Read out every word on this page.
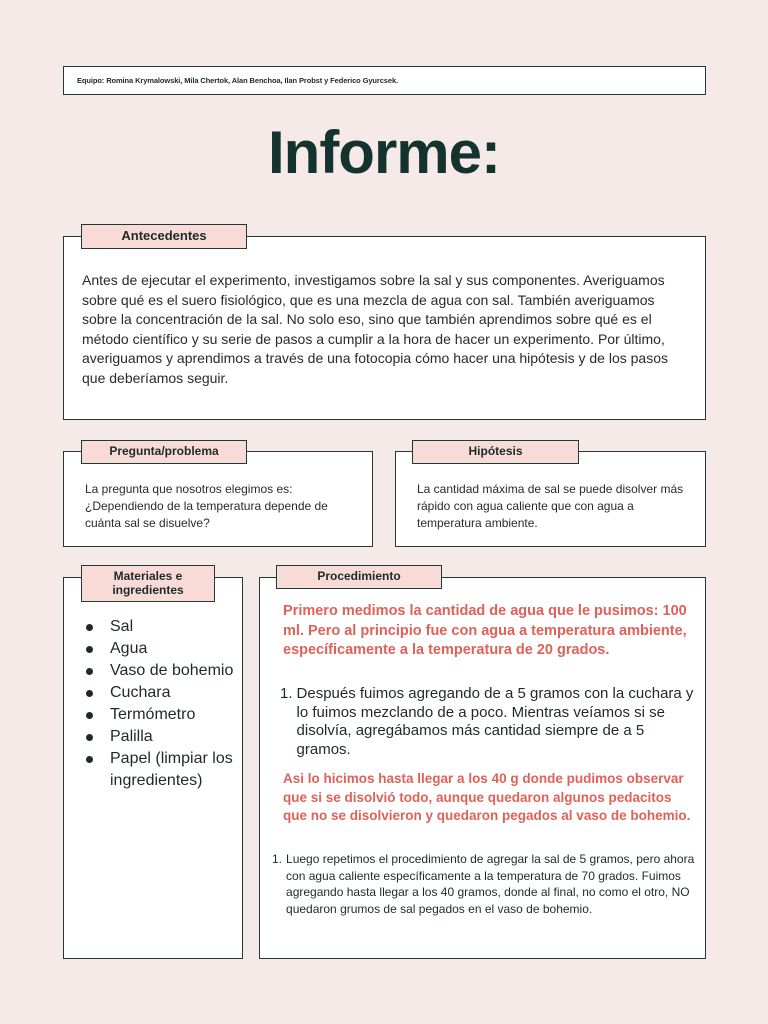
Equipo: Romina Krymalowski, Mila Chertok, Alan Benchoa, Ilan Probst y Federico Gyurcsek.
Informe:

Antes de ejecutar el experimento, investigamos sobre la sal y sus componentes. Averiguamos sobre qué es el suero fisiológico, que es una mezcla de agua con sal. También averiguamos sobre la concentración de la sal. No solo eso, sino que también aprendimos sobre qué es el método científico y su serie de pasos a cumplir a la hora de hacer un experimento. Por último, averiguamos y aprendimos a través de una fotocopia cómo hacer una hipótesis y de los pasos que deberíamos seguir.

Antecedentes

La pregunta que nosotros elegimos es: ¿Dependiendo de la temperatura depende de cuánta sal se disuelve?

Pregunta/problema

La cantidad máxima de sal se puede disolver más rápido con agua caliente que con agua a temperatura ambiente.

Hipótesis
Sal
Agua
Vaso de bohemio
Cuchara
Termómetro
Palilla
Papel (limpiar los ingredientes)
Materiales e ingredientes

Primero medimos la cantidad de agua que le pusimos: 100 ml. Pero al principio fue con agua a temperatura ambiente, específicamente a la temperatura de 20 grados.

1. Después fuimos agregando de a 5 gramos con la cuchara y lo fuimos mezclando de a poco. Mientras veíamos si se disolvía, agregábamos más cantidad siempre de a 5 gramos.

Asi lo hicimos hasta llegar a los 40 g donde pudimos observar que si se disolvió todo, aunque quedaron algunos pedacitos que no se disolvieron y quedaron pegados al vaso de bohemio.

1. Luego repetimos el procedimiento de agregar la sal de 5 gramos, pero ahora con agua caliente específicamente a la temperatura de 70 grados. Fuimos agregando hasta llegar a los 40 gramos, donde al final, no como el otro, NO quedaron grumos de sal pegados en el vaso de bohemio.
Procedimiento
